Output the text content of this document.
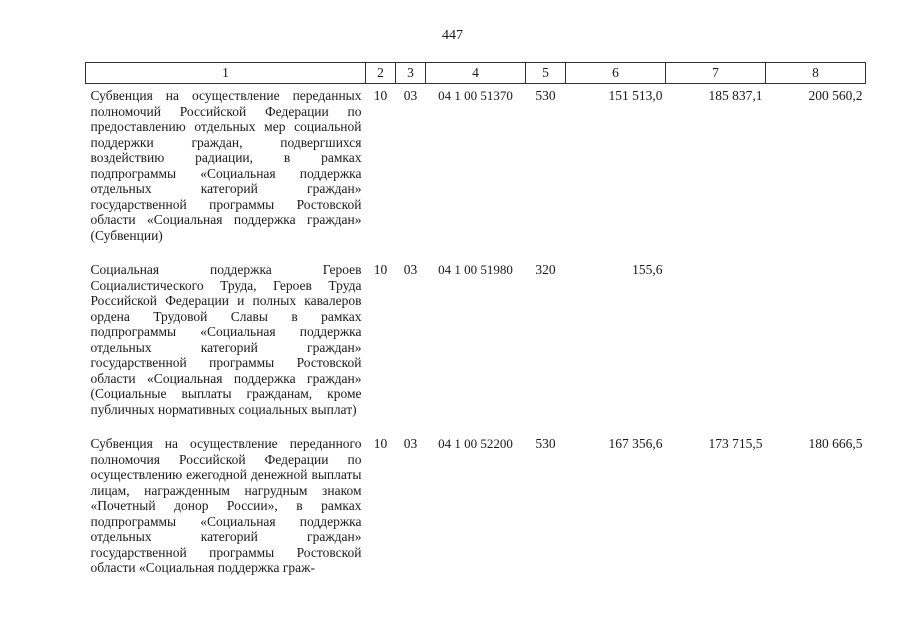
447
1	2	3	4	5	6	7	8
Субвенция на осуществление переданных полномочий Российской Федерации по предоставлению отдельных мер социальной поддержки граждан, подвергшихся воздействию радиации, в рамках подпрограммы «Социальная поддержка отдельных категорий граждан» государственной программы Ростовской области «Социальная поддержка граждан» (Субвенции)	10	03	04 1 00 51370	530	151 513,0	185 837,1	200 560,2
Социальная поддержка Героев Социалистического Труда, Героев Труда Российской Федерации и полных кавалеров ордена Трудовой Славы в рамках подпрограммы «Социальная поддержка отдельных категорий граждан» государственной программы Ростовской области «Социальная поддержка граждан» (Социальные выплаты гражданам, кроме публичных нормативных социальных выплат)	10	03	04 1 00 51980	320	155,6		
Субвенция на осуществление переданного полномочия Российской Федерации по осуществлению ежегодной денежной выплаты лицам, награжденным нагрудным знаком «Почетный донор России», в рамках подпрограммы «Социальная поддержка отдельных категорий граждан» государственной программы Ростовской области «Социальная поддержка граж-	10	03	04 1 00 52200	530	167 356,6	173 715,5	180 666,5
